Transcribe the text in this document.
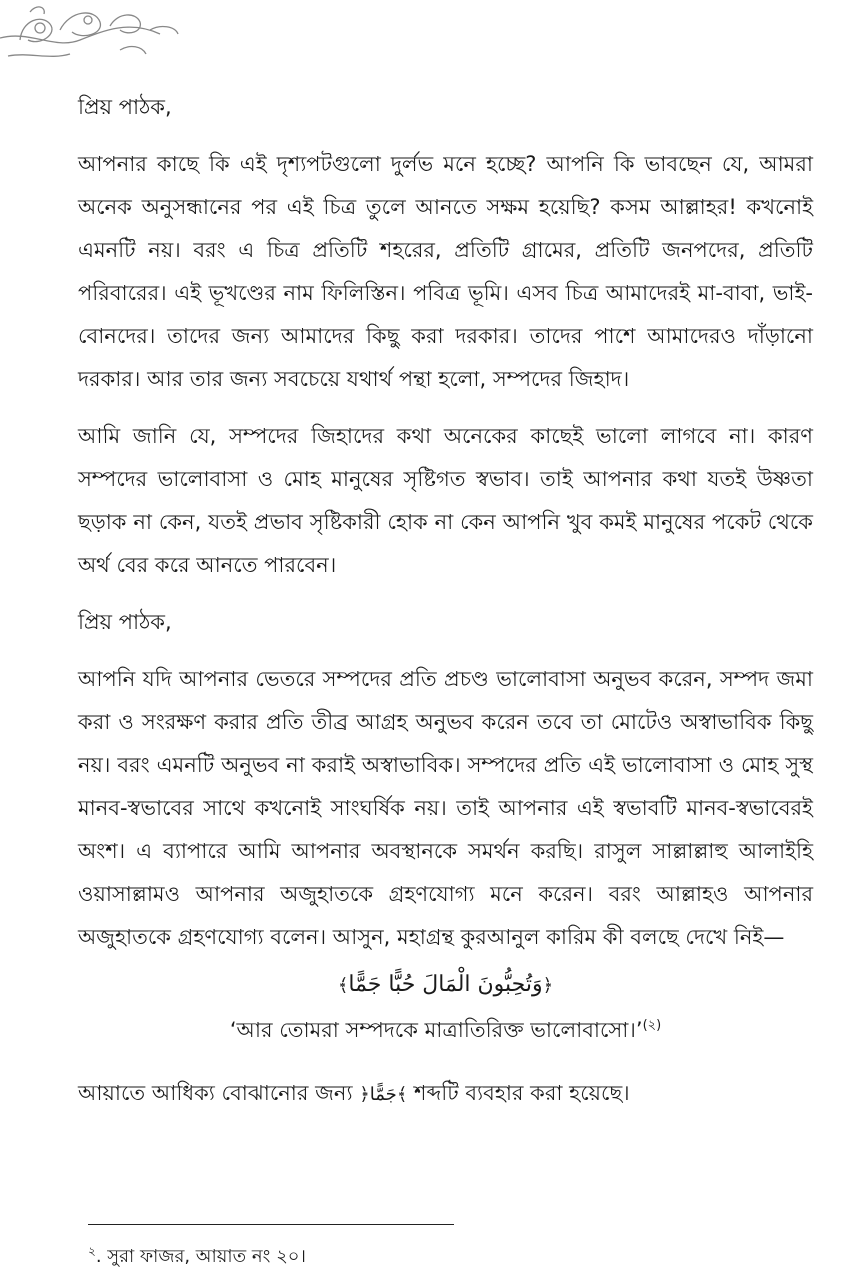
প্রিয় পাঠক,

আপনার কাছে কি এই দৃশ্যপটগুলো দুর্লভ মনে হচ্ছে? আপনি কি ভাবছেন যে, আমরা অনেক অনুসন্ধানের পর এই চিত্র তুলে আনতে সক্ষম হয়েছি? কসম আল্লাহর! কখনোই এমনটি নয়। বরং এ চিত্র প্রতিটি শহরের, প্রতিটি গ্রামের, প্রতিটি জনপদের, প্রতিটি পরিবারের। এই ভূখণ্ডের নাম ফিলিস্তিন। পবিত্র ভূমি। এসব চিত্র আমাদেরই মা-বাবা, ভাই-বোনদের। তাদের জন্য আমাদের কিছু করা দরকার। তাদের পাশে আমাদেরও দাঁড়ানো দরকার। আর তার জন্য সবচেয়ে যথার্থ পন্থা হলো, সম্পদের জিহাদ।

আমি জানি যে, সম্পদের জিহাদের কথা অনেকের কাছেই ভালো লাগবে না। কারণ সম্পদের ভালোবাসা ও মোহ মানুষের সৃষ্টিগত স্বভাব। তাই আপনার কথা যতই উষ্ণতা ছড়াক না কেন, যতই প্রভাব সৃষ্টিকারী হোক না কেন আপনি খুব কমই মানুষের পকেট থেকে অর্থ বের করে আনতে পারবেন।

প্রিয় পাঠক,

আপনি যদি আপনার ভেতরে সম্পদের প্রতি প্রচণ্ড ভালোবাসা অনুভব করেন, সম্পদ জমা করা ও সংরক্ষণ করার প্রতি তীব্র আগ্রহ অনুভব করেন তবে তা মোটেও অস্বাভাবিক কিছু নয়। বরং এমনটি অনুভব না করাই অস্বাভাবিক। সম্পদের প্রতি এই ভালোবাসা ও মোহ সুস্থ মানব-স্বভাবের সাথে কখনোই সাংঘর্ষিক নয়। তাই আপনার এই স্বভাবটি মানব-স্বভাবেরই অংশ। এ ব্যাপারে আমি আপনার অবস্থানকে সমর্থন করছি। রাসুল সাল্লাল্লাহু আলাইহি ওয়াসাল্লামও আপনার অজুহাতকে গ্রহণযোগ্য মনে করেন। বরং আল্লাহও আপনার অজুহাতকে গ্রহণযোগ্য বলেন। আসুন, মহাগ্রন্থ কুরআনুল কারিম কী বলছে দেখে নিই—

﴿وَتُحِبُّونَ الْمَالَ حُبًّا جَمًّا﴾

‘আর তোমরা সম্পদকে মাত্রাতিরিক্ত ভালোবাসো।’$^{(২)}$

আয়াতে আধিক্য বোঝানোর জন্য ﴿جَمًّا﴾ শব্দটি ব্যবহার করা হয়েছে।

$^২$. সুরা ফাজর, আয়াত নং ২০।
